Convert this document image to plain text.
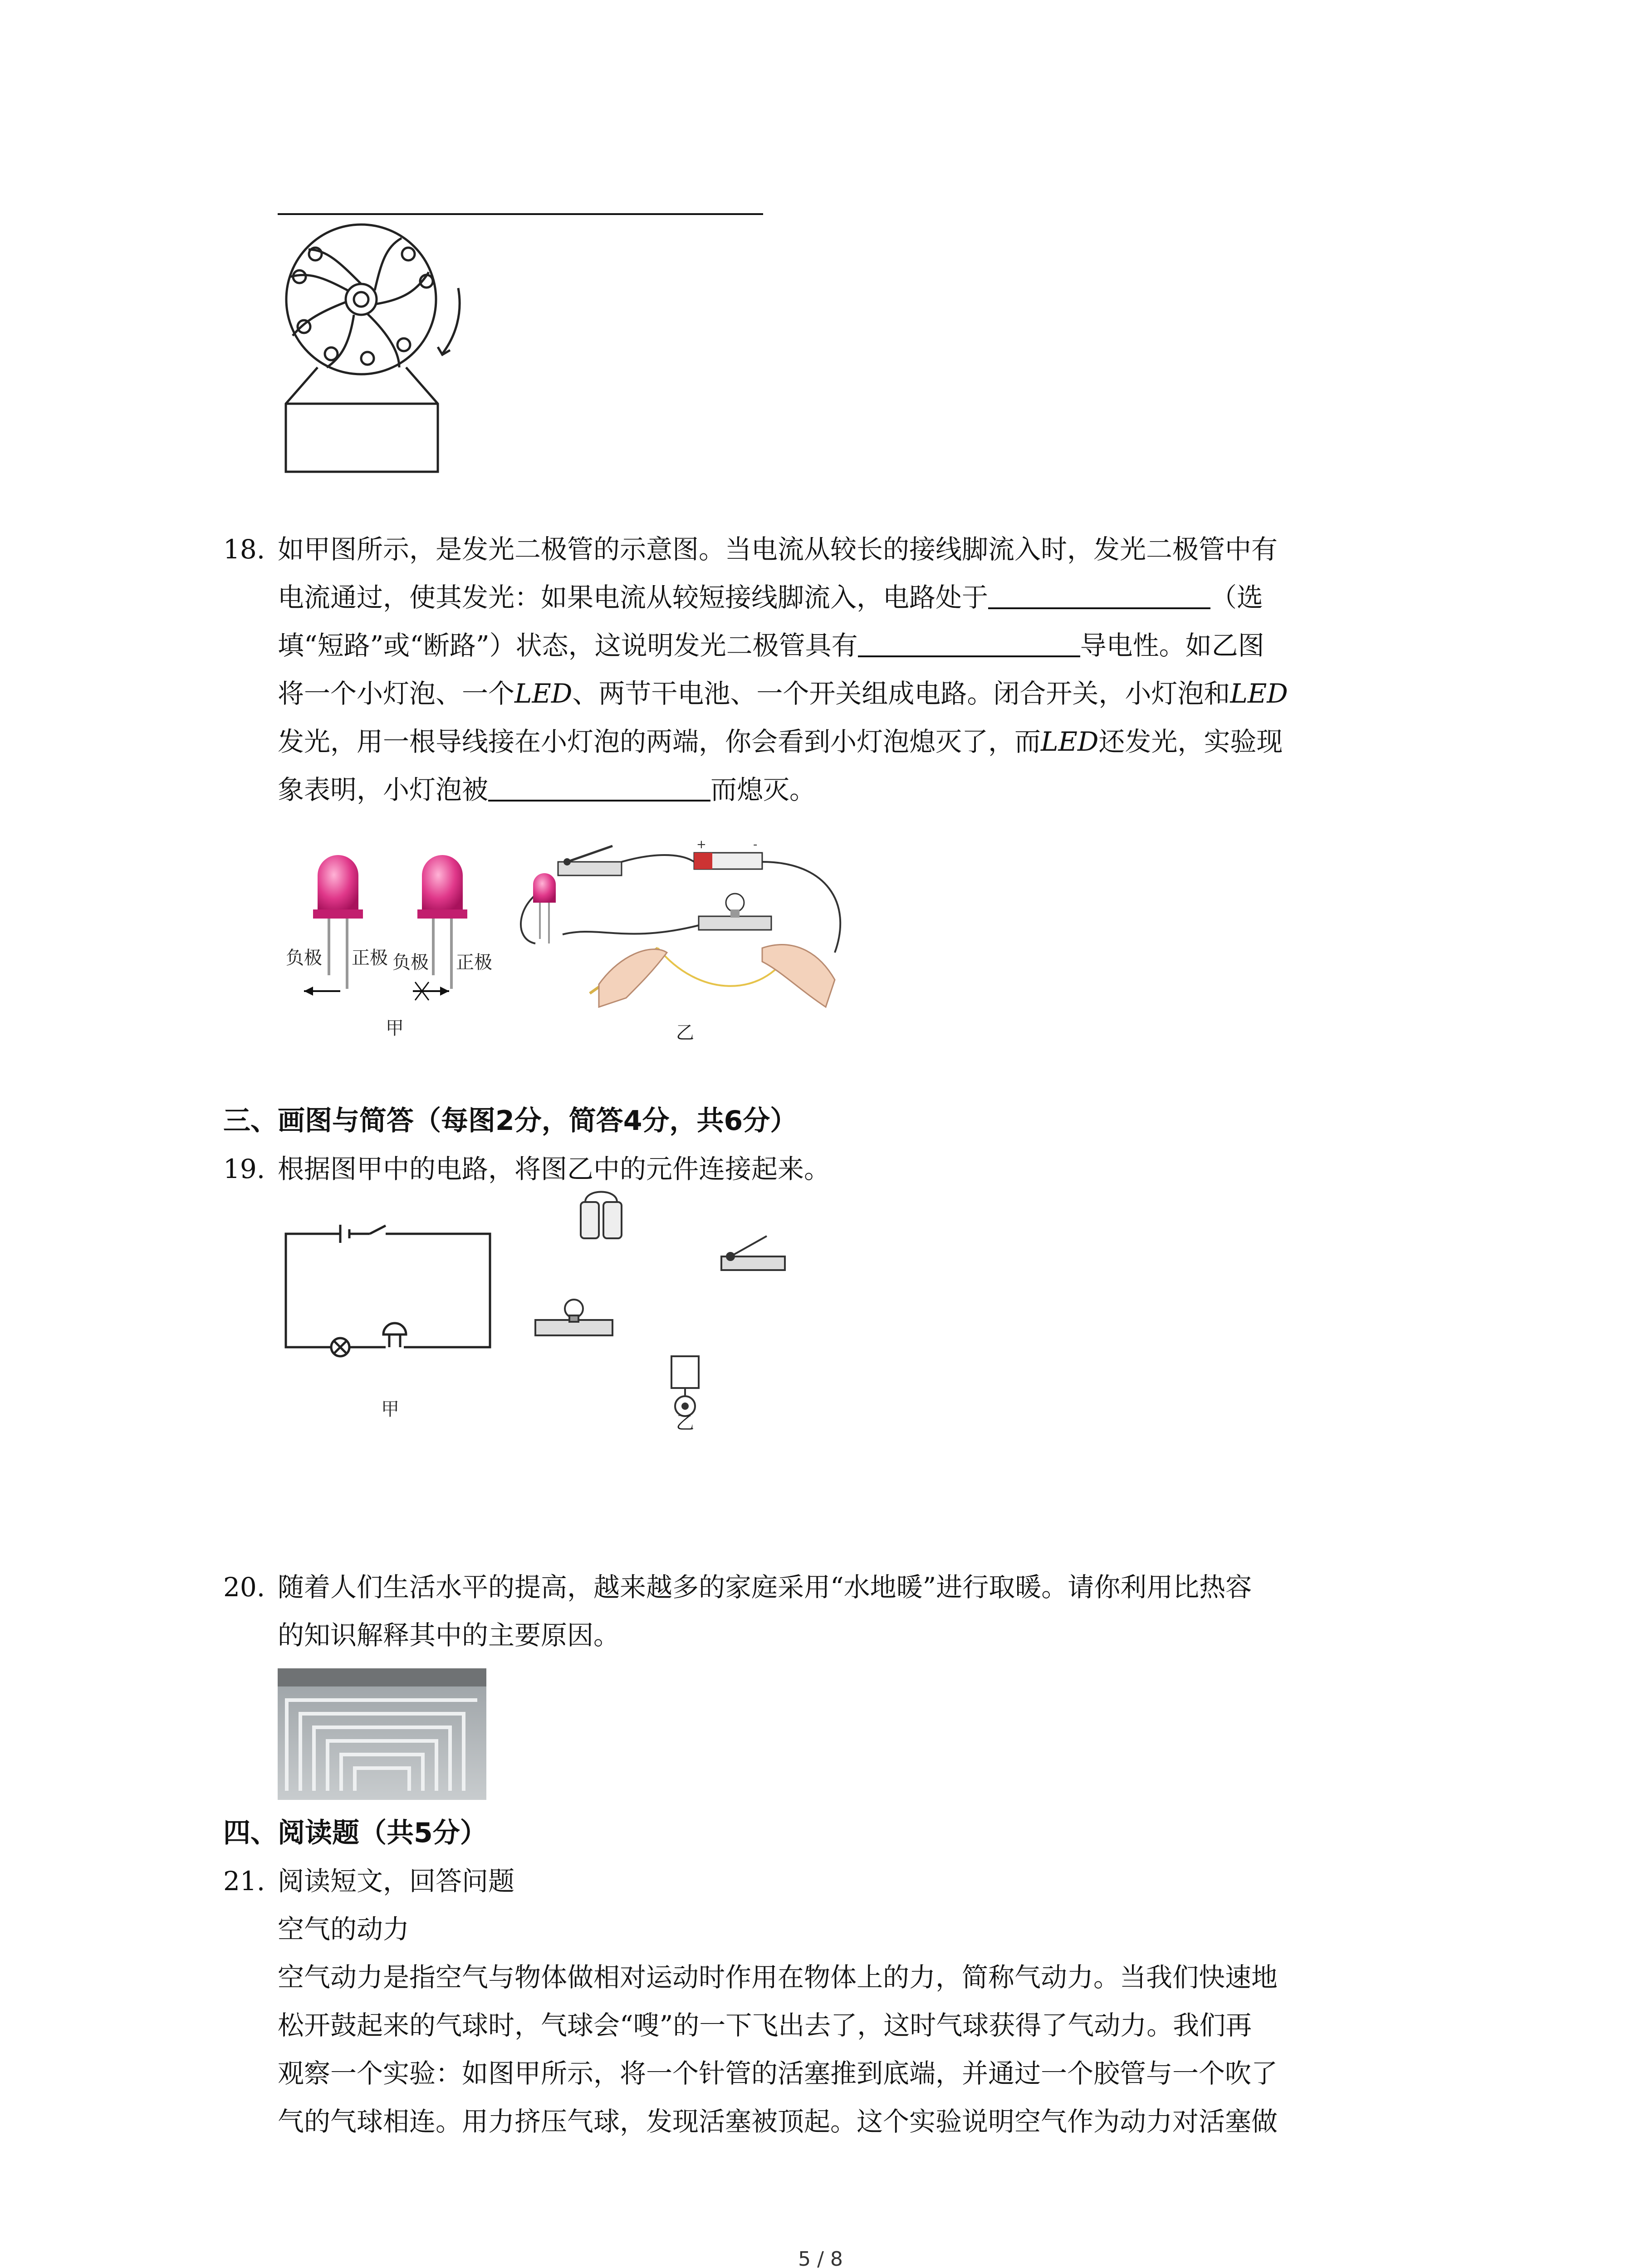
18. 如甲图所示，是发光二极管的示意图。当电流从较长的接线脚流入时，发光二极管中有
电流通过，使其发光：如果电流从较短接线脚流入，电路处于	（选
填“短路”或“断路”）状态，这说明发光二极管具有	导电性。如乙图
将一个小灯泡、一个LED、两节干电池、一个开关组成电路。闭合开关，小灯泡和LED
发光，用一根导线接在小灯泡的两端，你会看到小灯泡熄灭了，而LED还发光，实验现
象表明，小灯泡被	而熄灭。
负极 正极 负极 正极
甲
+	-
乙
三、画图与简答（每图2分，简答4分，共6分）
19. 根据图甲中的电路，将图乙中的元件连接起来。
甲
乙
20. 随着人们生活水平的提高，越来越多的家庭采用“水地暖”进行取暖。请你利用比热容
的知识解释其中的主要原因。
四、阅读题（共5分）
21. 阅读短文，回答问题
空气的动力
空气动力是指空气与物体做相对运动时作用在物体上的力，简称气动力。当我们快速地
松开鼓起来的气球时，气球会“嗖”的一下飞出去了，这时气球获得了气动力。我们再
观察一个实验：如图甲所示，将一个针管的活塞推到底端，并通过一个胶管与一个吹了
气的气球相连。用力挤压气球，发现活塞被顶起。这个实验说明空气作为动力对活塞做
5 / 8
